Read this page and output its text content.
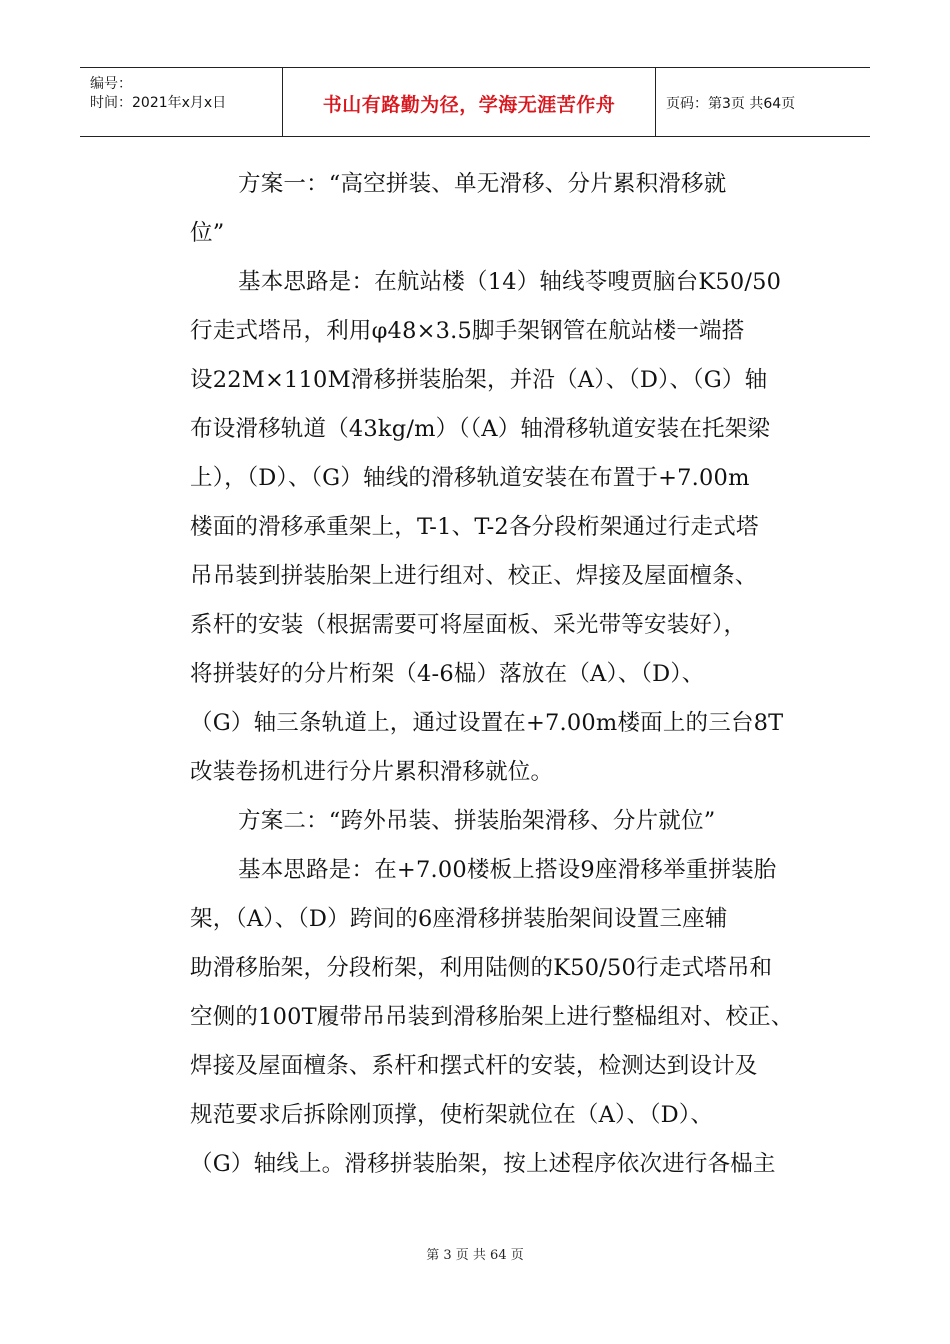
编号：
时间：2021年x月x日	书山有路勤为径，学海无涯苦作舟	页码：第3页 共64页
方案一：“高空拼装、单无滑移、分片累积滑移就
位”
基本思路是：在航站楼（14）轴线苓嗖贾脑台K50/50
行走式塔吊，利用φ48×3.5脚手架钢管在航站楼一端搭
设22M×110M滑移拼装胎架，并沿（A）、（D）、（G）轴
布设滑移轨道（43kg/m）（（A）轴滑移轨道安装在托架梁
上），（D）、（G）轴线的滑移轨道安装在布置于+7.00m
楼面的滑移承重架上，T-1、T-2各分段桁架通过行走式塔
吊吊装到拼装胎架上进行组对、校正、焊接及屋面檀条、
系杆的安装（根据需要可将屋面板、采光带等安装好），
将拼装好的分片桁架（4-6榀）落放在（A）、（D）、
（G）轴三条轨道上，通过设置在+7.00m楼面上的三台8T
改装卷扬机进行分片累积滑移就位。
方案二：“跨外吊装、拼装胎架滑移、分片就位”
基本思路是：在+7.00楼板上搭设9座滑移举重拼装胎
架，（A）、（D）跨间的6座滑移拼装胎架间设置三座辅
助滑移胎架，分段桁架，利用陆侧的K50/50行走式塔吊和
空侧的100T履带吊吊装到滑移胎架上进行整榀组对、校正、
焊接及屋面檀条、系杆和摆式杆的安装，检测达到设计及
规范要求后拆除刚顶撑，使桁架就位在（A）、（D）、
（G）轴线上。滑移拼装胎架，按上述程序依次进行各榀主
第 3 页 共 64 页
